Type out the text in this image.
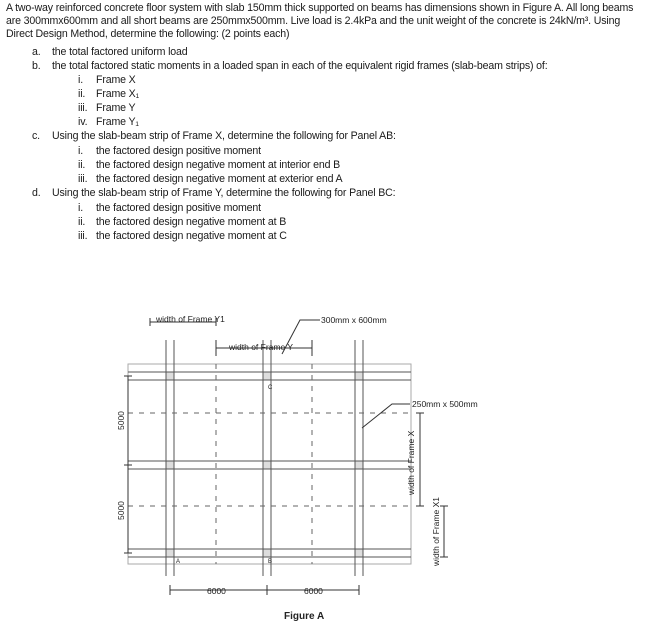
A two-way reinforced concrete floor system with slab 150mm thick supported on beams has dimensions shown in Figure A. All long beams are 300mmx600mm and all short beams are 250mmx500mm. Live load is 2.4kPa and the unit weight of the concrete is 24kN/m³. Using Direct Design Method, determine the following: (2 points each)
a. the total factored uniform load
b. the total factored static moments in a loaded span in each of the equivalent rigid frames (slab-beam strips) of:
i. Frame X
ii. Frame X₁
iii. Frame Y
iv. Frame Y₁
c. Using the slab-beam strip of Frame X, determine the following for Panel AB:
i. the factored design positive moment
ii. the factored design negative moment at interior end B
iii. the factored design negative moment at exterior end A
d. Using the slab-beam strip of Frame Y, determine the following for Panel BC:
i. the factored design positive moment
ii. the factored design negative moment at B
iii. the factored design negative moment at C
width of Frame Y1
width of Frame Y
300mm x 600mm
250mm x 500mm
width of Frame X
width of Frame X1
5000
5000
6000	6000
A	B
C
Figure A
